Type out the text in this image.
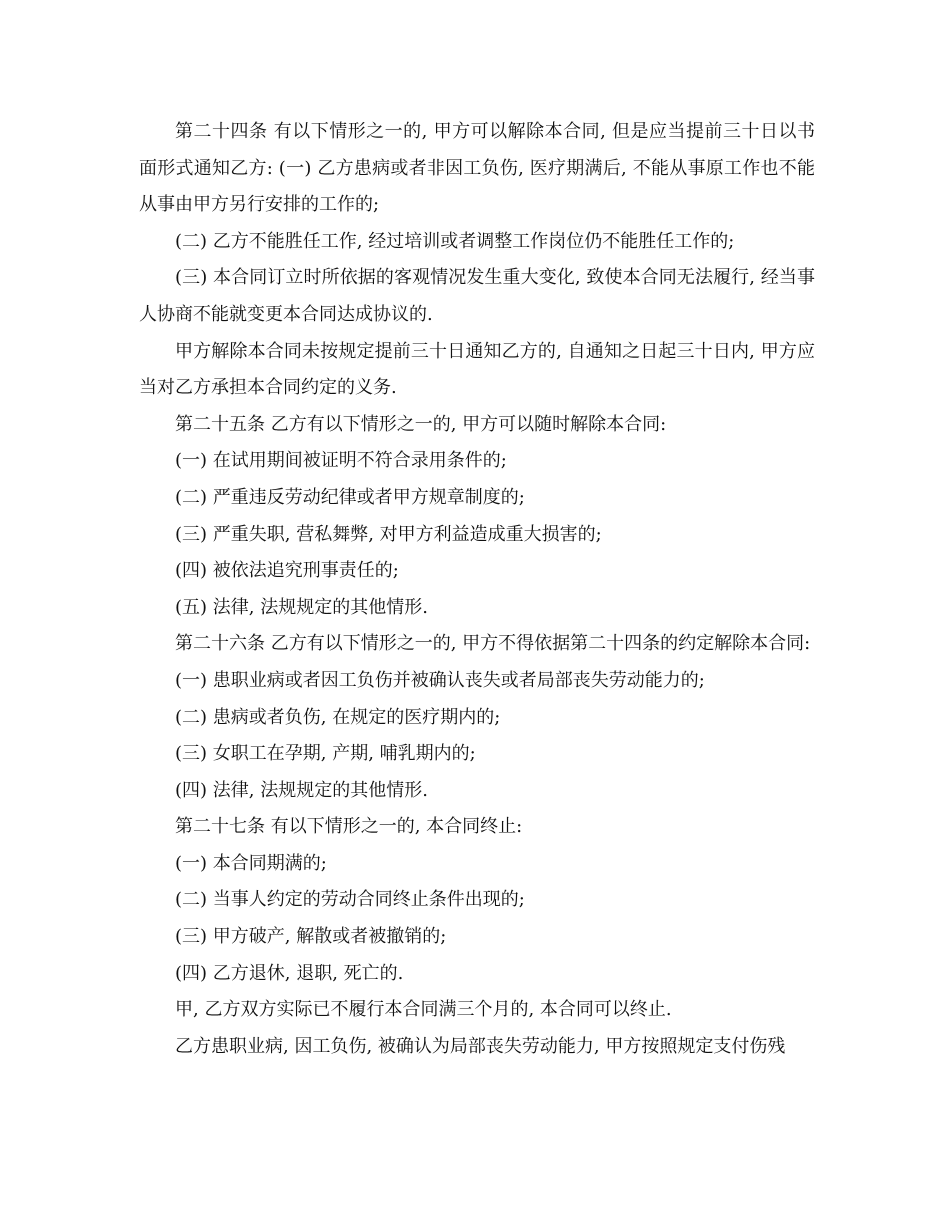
第二十四条 有以下情形之一的, 甲方可以解除本合同, 但是应当提前三十日以书面形式通知乙方: (一) 乙方患病或者非因工负伤, 医疗期满后, 不能从事原工作也不能从事由甲方另行安排的工作的;

(二) 乙方不能胜任工作, 经过培训或者调整工作岗位仍不能胜任工作的;

(三) 本合同订立时所依据的客观情况发生重大变化, 致使本合同无法履行, 经当事人协商不能就变更本合同达成协议的.

甲方解除本合同未按规定提前三十日通知乙方的, 自通知之日起三十日内, 甲方应当对乙方承担本合同约定的义务.

第二十五条 乙方有以下情形之一的, 甲方可以随时解除本合同:

(一) 在试用期间被证明不符合录用条件的;

(二) 严重违反劳动纪律或者甲方规章制度的;

(三) 严重失职, 营私舞弊, 对甲方利益造成重大损害的;

(四) 被依法追究刑事责任的;

(五) 法律, 法规规定的其他情形.

第二十六条 乙方有以下情形之一的, 甲方不得依据第二十四条的约定解除本合同:

(一) 患职业病或者因工负伤并被确认丧失或者局部丧失劳动能力的;

(二) 患病或者负伤, 在规定的医疗期内的;

(三) 女职工在孕期, 产期, 哺乳期内的;

(四) 法律, 法规规定的其他情形.

第二十七条 有以下情形之一的, 本合同终止:

(一) 本合同期满的;

(二) 当事人约定的劳动合同终止条件出现的;

(三) 甲方破产, 解散或者被撤销的;

(四) 乙方退休, 退职, 死亡的.

甲, 乙方双方实际已不履行本合同满三个月的, 本合同可以终止.

乙方患职业病, 因工负伤, 被确认为局部丧失劳动能力, 甲方按照规定支付伤残
